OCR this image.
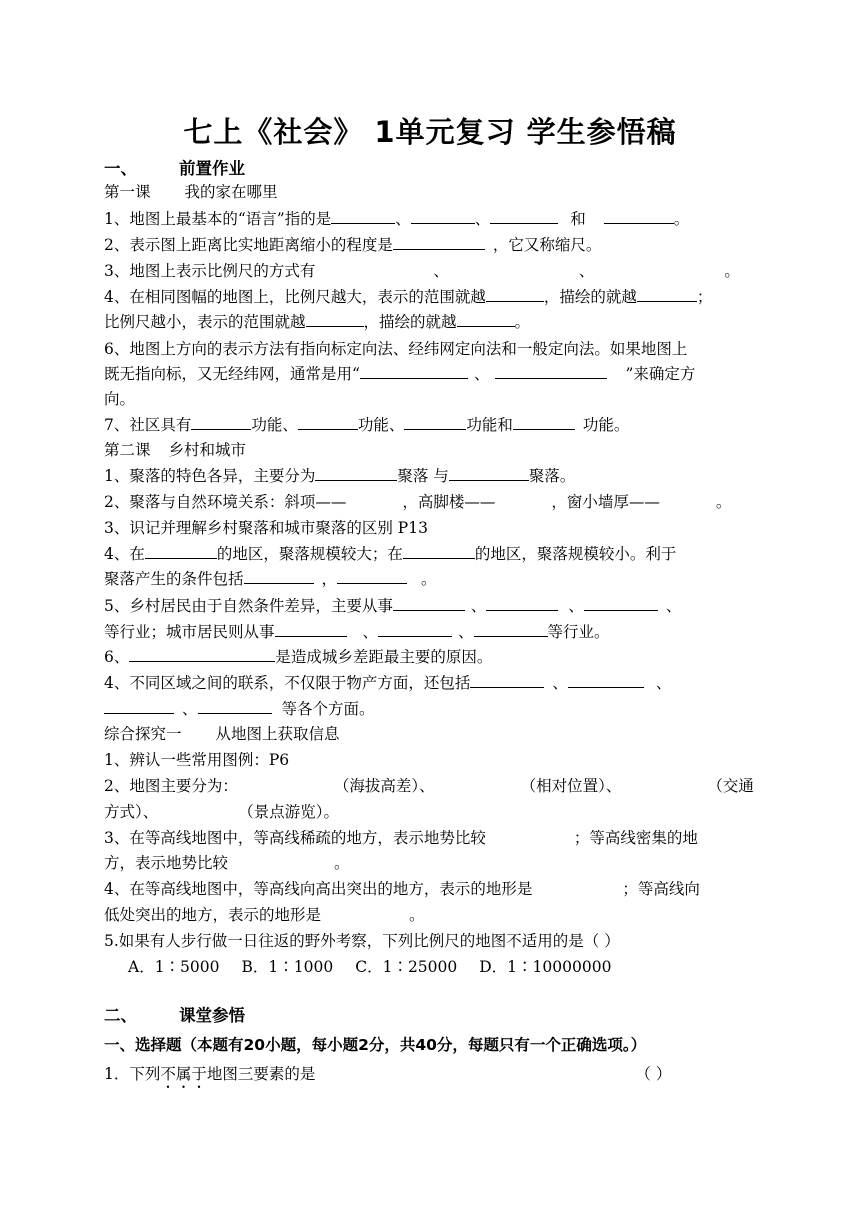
七上《社会》 1单元复习 学生参悟稿
一、	前置作业
第一课 我的家在哪里
1、地图上最基本的“语言”指的是	、	、	和	。
2、表示图上距离比实地距离缩小的程度是	，它又称缩尺。
3、地图上表示比例尺的方式有	、	、	。
4、在相同图幅的地图上，比例尺越大，表示的范围就越	，描绘的就越	；
比例尺越小，表示的范围就越	，描绘的就越	。
6、地图上方向的表示方法有指向标定向法、经纬网定向法和一般定向法。如果地图上
既无指向标，又无经纬网，通常是用“	、	”来确定方
向。
7、社区具有	功能、	功能、	功能和	功能。
第二课 乡村和城市
1、聚落的特色各异，主要分为	聚落 与	聚落。
2、聚落与自然环境关系：斜项——	，高脚楼——	，窗小墙厚——	。
3、识记并理解乡村聚落和城市聚落的区别 P13
4、在	的地区，聚落规模较大；在	的地区，聚落规模较小。利于
聚落产生的条件包括	，	。
5、乡村居民由于自然条件差异，主要从事	、	、	、
等行业；城市居民则从事	、	、	等行业。
6、	是造成城乡差距最主要的原因。
4、不同区域之间的联系，不仅限于物产方面，还包括	、	、
、	等各个方面。
综合探究一 从地图上获取信息
1、辨认一些常用图例：P6
2、地图主要分为：	（海拔高差）、	（相对位置）、	（交通
方式）、	（景点游览）。
3、在等高线地图中，等高线稀疏的地方，表示地势比较	；等高线密集的地
方，表示地势比较	。
4、在等高线地图中，等高线向高出突出的地方，表示的地形是	；等高线向
低处突出的地方，表示的地形是	。
5.如果有人步行做一日往返的野外考察，下列比例尺的地图不适用的是（ ）
A．1∶5000 B．1∶1000 C．1∶25000 D．1∶10000000
二、	课堂参悟
一、选择题（本题有20小题，每小题2分，共40分，每题只有一个正确选项。）
1．下列不属于地图三要素的是	（ ）
